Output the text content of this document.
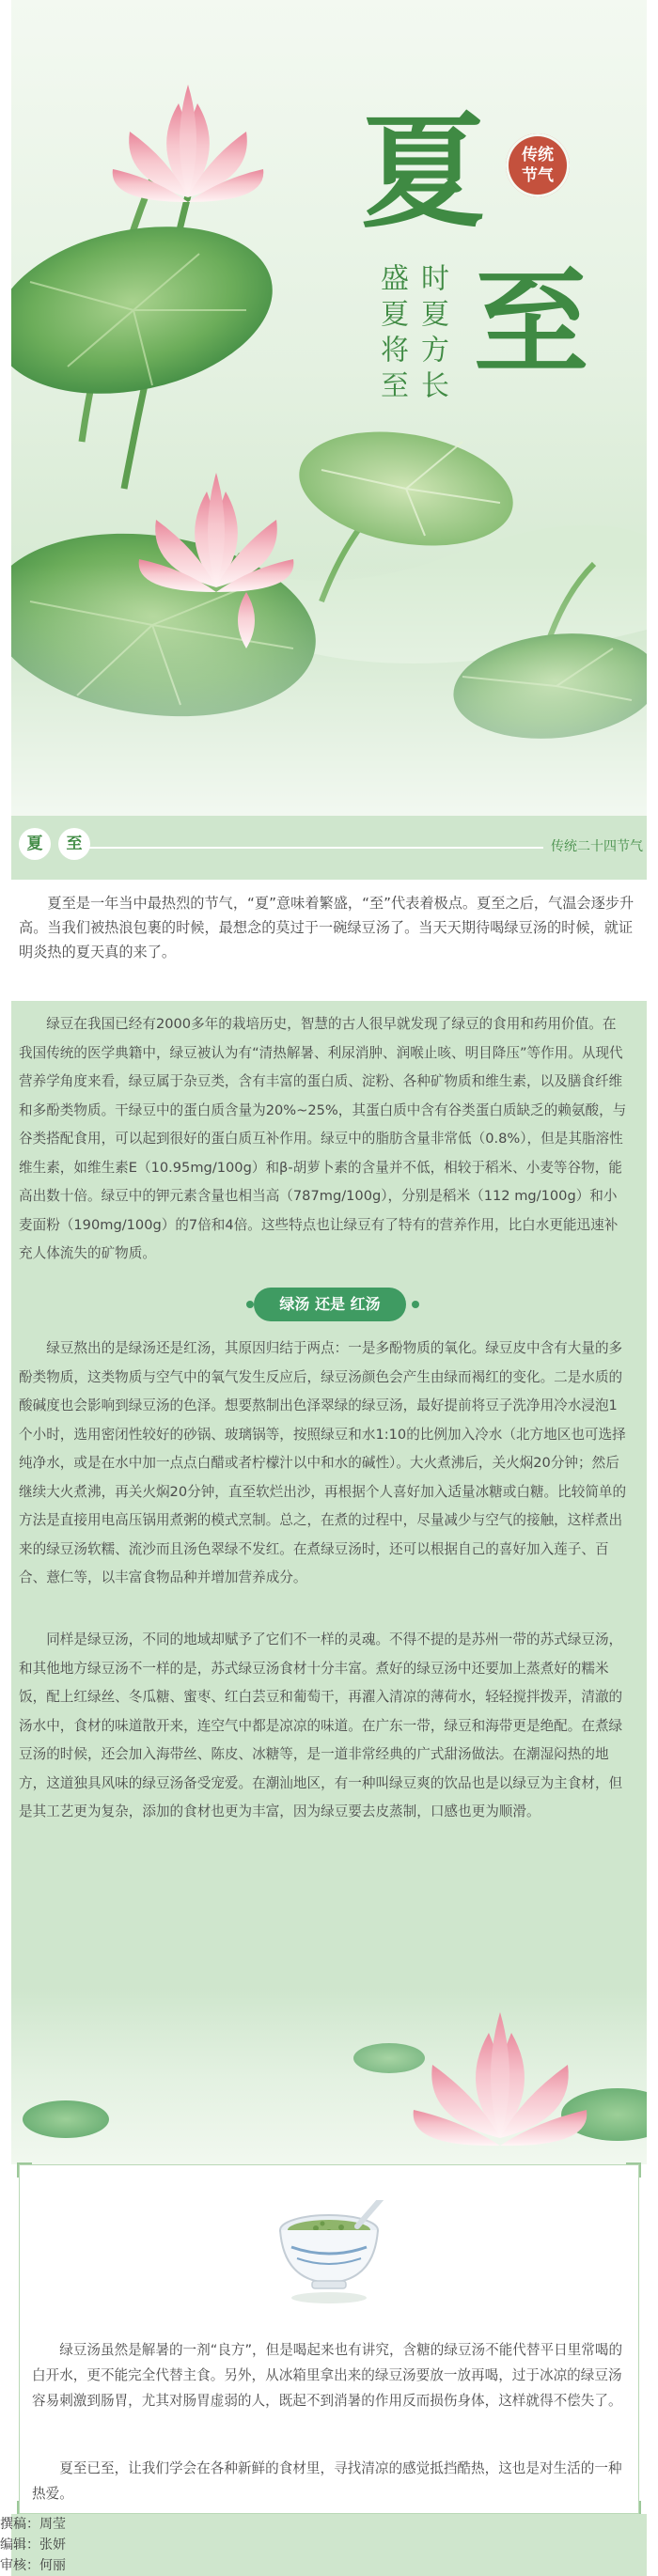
夏 传统
节气
时夏方长
盛夏将至 至
夏	至	传统二十四节气

夏至是一年当中最热烈的节气，“夏”意味着繁盛，“至”代表着极点。夏至之后，气温会逐步升高。当我们被热浪包裹的时候，最想念的莫过于一碗绿豆汤了。当天天期待喝绿豆汤的时候，就证明炎热的夏天真的来了。

绿豆在我国已经有2000多年的栽培历史，智慧的古人很早就发现了绿豆的食用和药用价值。在我国传统的医学典籍中，绿豆被认为有“清热解暑、利尿消肿、润喉止咳、明目降压”等作用。从现代营养学角度来看，绿豆属于杂豆类，含有丰富的蛋白质、淀粉、各种矿物质和维生素，以及膳食纤维和多酚类物质。干绿豆中的蛋白质含量为20%~25%，其蛋白质中含有谷类蛋白质缺乏的赖氨酸，与谷类搭配食用，可以起到很好的蛋白质互补作用。绿豆中的脂肪含量非常低（0.8%），但是其脂溶性维生素，如维生素E（10.95mg/100g）和β-胡萝卜素的含量并不低，相较于稻米、小麦等谷物，能高出数十倍。绿豆中的钾元素含量也相当高（787mg/100g），分别是稻米（112 mg/100g）和小麦面粉（190mg/100g）的7倍和4倍。这些特点也让绿豆有了特有的营养作用，比白水更能迅速补充人体流失的矿物质。

绿汤 还是 红汤

绿豆熬出的是绿汤还是红汤，其原因归结于两点：一是多酚物质的氧化。绿豆皮中含有大量的多酚类物质，这类物质与空气中的氧气发生反应后，绿豆汤颜色会产生由绿而褐红的变化。二是水质的酸碱度也会影响到绿豆汤的色泽。想要熬制出色泽翠绿的绿豆汤，最好提前将豆子洗净用冷水浸泡1个小时，选用密闭性较好的砂锅、玻璃锅等，按照绿豆和水1:10的比例加入冷水（北方地区也可选择纯净水，或是在水中加一点点白醋或者柠檬汁以中和水的碱性）。大火煮沸后，关火焖20分钟；然后继续大火煮沸，再关火焖20分钟，直至软烂出沙，再根据个人喜好加入适量冰糖或白糖。比较简单的方法是直接用电高压锅用煮粥的模式烹制。总之，在煮的过程中，尽量减少与空气的接触，这样煮出来的绿豆汤软糯、流沙而且汤色翠绿不发红。在煮绿豆汤时，还可以根据自己的喜好加入莲子、百合、薏仁等，以丰富食物品种并增加营养成分。

同样是绿豆汤，不同的地域却赋予了它们不一样的灵魂。不得不提的是苏州一带的苏式绿豆汤，和其他地方绿豆汤不一样的是，苏式绿豆汤食材十分丰富。煮好的绿豆汤中还要加上蒸煮好的糯米饭，配上红绿丝、冬瓜糖、蜜枣、红白芸豆和葡萄干，再濯入清凉的薄荷水，轻轻搅拌拨弄，清澈的汤水中，食材的味道散开来，连空气中都是凉凉的味道。在广东一带，绿豆和海带更是绝配。在煮绿豆汤的时候，还会加入海带丝、陈皮、冰糖等，是一道非常经典的广式甜汤做法。在潮湿闷热的地方，这道独具风味的绿豆汤备受宠爱。在潮汕地区，有一种叫绿豆爽的饮品也是以绿豆为主食材，但是其工艺更为复杂，添加的食材也更为丰富，因为绿豆要去皮蒸制，口感也更为顺滑。

绿豆汤虽然是解暑的一剂“良方”，但是喝起来也有讲究，含糖的绿豆汤不能代替平日里常喝的白开水，更不能完全代替主食。另外，从冰箱里拿出来的绿豆汤要放一放再喝，过于冰凉的绿豆汤容易刺激到肠胃，尤其对肠胃虚弱的人，既起不到消暑的作用反而损伤身体，这样就得不偿失了。

夏至已至，让我们学会在各种新鲜的食材里，寻找清凉的感觉抵挡酷热，这也是对生活的一种热爱。

撰稿：周莹
编辑：张妍
审核：何丽
